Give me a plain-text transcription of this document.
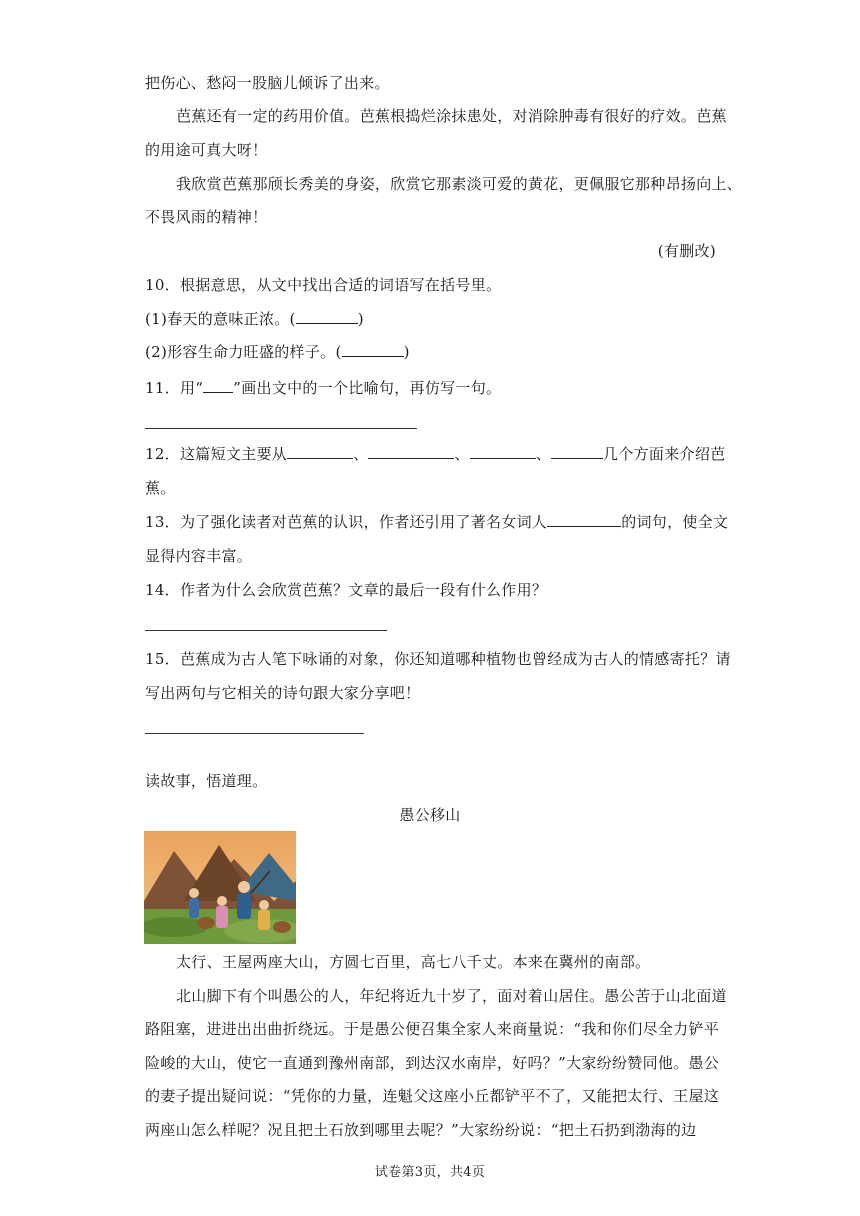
把伤心、愁闷一股脑儿倾诉了出来。
芭蕉还有一定的药用价值。芭蕉根捣烂涂抹患处，对消除肿毒有很好的疗效。芭蕉
的用途可真大呀！
我欣赏芭蕉那颀长秀美的身姿，欣赏它那素淡可爱的黄花，更佩服它那种昂扬向上、
不畏风雨的精神！
(有删改)
10．根据意思，从文中找出合适的词语写在括号里。
(1)春天的意味正浓。(	)
(2)形容生命力旺盛的样子。(	)
11．用“ ”画出文中的一个比喻句，再仿写一句。
12．这篇短文主要从	、	、	、	几个方面来介绍芭
蕉。
13．为了强化读者对芭蕉的认识，作者还引用了著名女词人	的词句，使全文
显得内容丰富。
14．作者为什么会欣赏芭蕉？文章的最后一段有什么作用？
15．芭蕉成为古人笔下咏诵的对象，你还知道哪种植物也曾经成为古人的情感寄托？请
写出两句与它相关的诗句跟大家分享吧！
读故事，悟道理。
愚公移山
太行、王屋两座大山，方圆七百里，高七八千丈。本来在冀州的南部。
北山脚下有个叫愚公的人，年纪将近九十岁了，面对着山居住。愚公苦于山北面道
路阻塞，进进出出曲折绕远。于是愚公便召集全家人来商量说：“我和你们尽全力铲平
险峻的大山，使它一直通到豫州南部，到达汉水南岸，好吗？”大家纷纷赞同他。愚公
的妻子提出疑问说：“凭你的力量，连魁父这座小丘都铲平不了，又能把太行、王屋这
两座山怎么样呢？况且把土石放到哪里去呢？”大家纷纷说：“把土石扔到渤海的边
试卷第3页，共4页
